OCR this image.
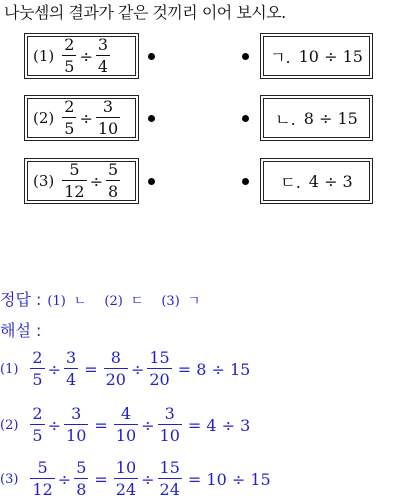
나눗셈의 결과가 같은 것끼리 이어 보시오.
$(1) \frac{2}{5} \div \frac{3}{4}$
$(2) \frac{2}{5} \div \frac{3}{10}$
$(3) \frac{5}{12} \div \frac{5}{8}$
ㄱ. 10 ÷ 15
ㄴ. 8 ÷ 15
ㄷ. 4 ÷ 3
정답 : (1) ㄴ (2) ㄷ (3) ㄱ
해설 :
$(1) \frac{2}{5} \div \frac{3}{4} = \frac{8}{20} \div \frac{15}{20} = 8 \div 15$
$(2) \frac{2}{5} \div \frac{3}{10} = \frac{4}{10} \div \frac{3}{10} = 4 \div 3$
$(3) \frac{5}{12} \div \frac{5}{8} = \frac{10}{24} \div \frac{15}{24} = 10 \div 15$
